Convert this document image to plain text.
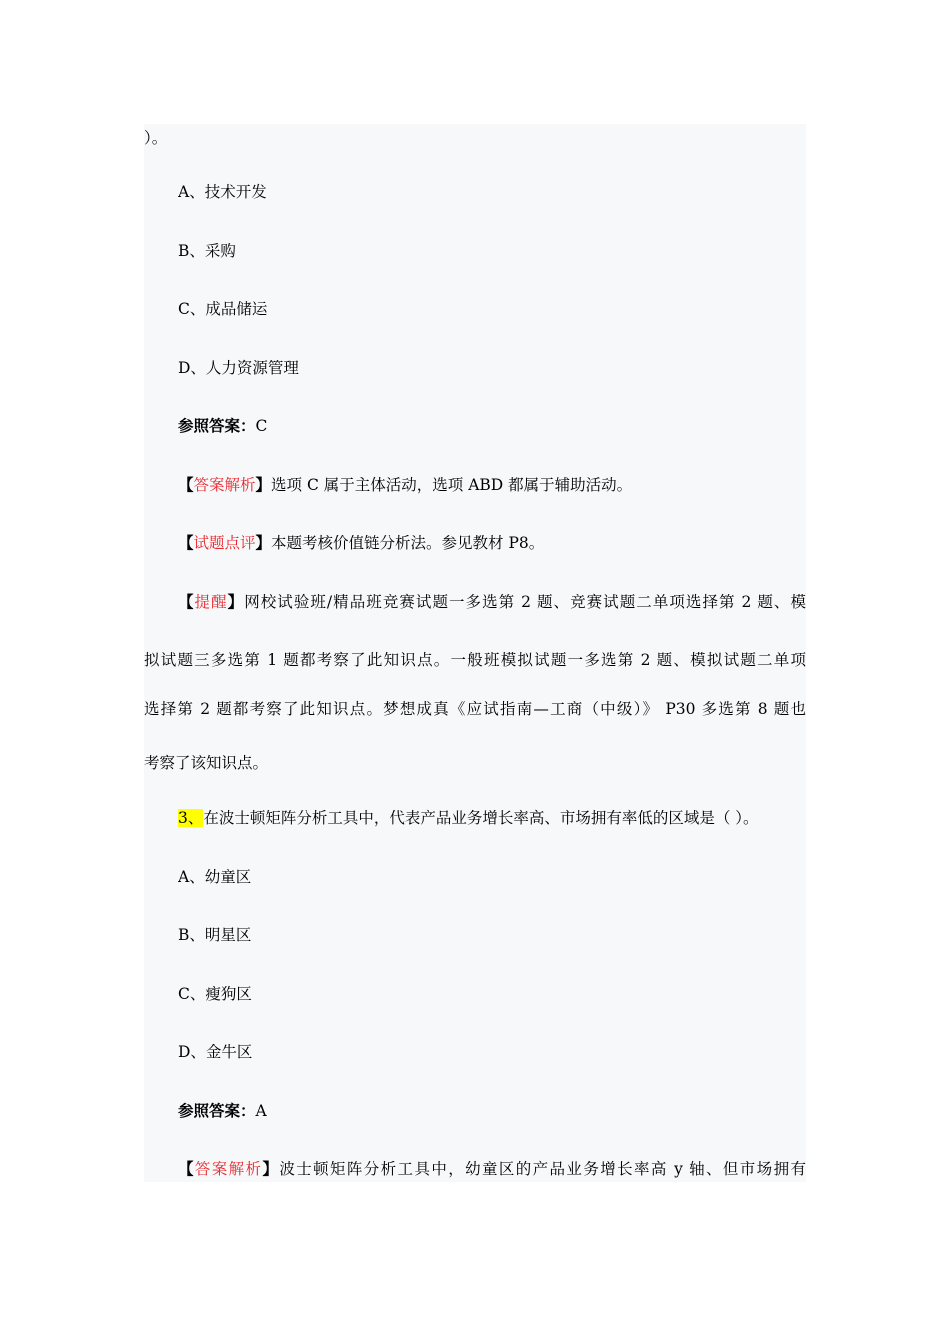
）。
A、技术开发
B、采购
C、成品储运
D、人力资源管理
参照答案：C
【答案解析】选项 C 属于主体活动，选项 ABD 都属于辅助活动。
【试题点评】本题考核价值链分析法。参见教材 P8。
【提醒】网校试验班/精品班竞赛试题一多选第 2 题、竞赛试题二单项选择第 2 题、模
拟试题三多选第 1 题都考察了此知识点。一般班模拟试题一多选第 2 题、模拟试题二单项
选择第 2 题都考察了此知识点。梦想成真《应试指南—工商（中级）》 P30 多选第 8 题也
考察了该知识点。
3、在波士顿矩阵分析工具中，代表产品业务增长率高、市场拥有率低的区域是（ ）。
A、幼童区
B、明星区
C、瘦狗区
D、金牛区
参照答案：A
【答案解析】波士顿矩阵分析工具中，幼童区的产品业务增长率高 y 轴、但市场拥有
